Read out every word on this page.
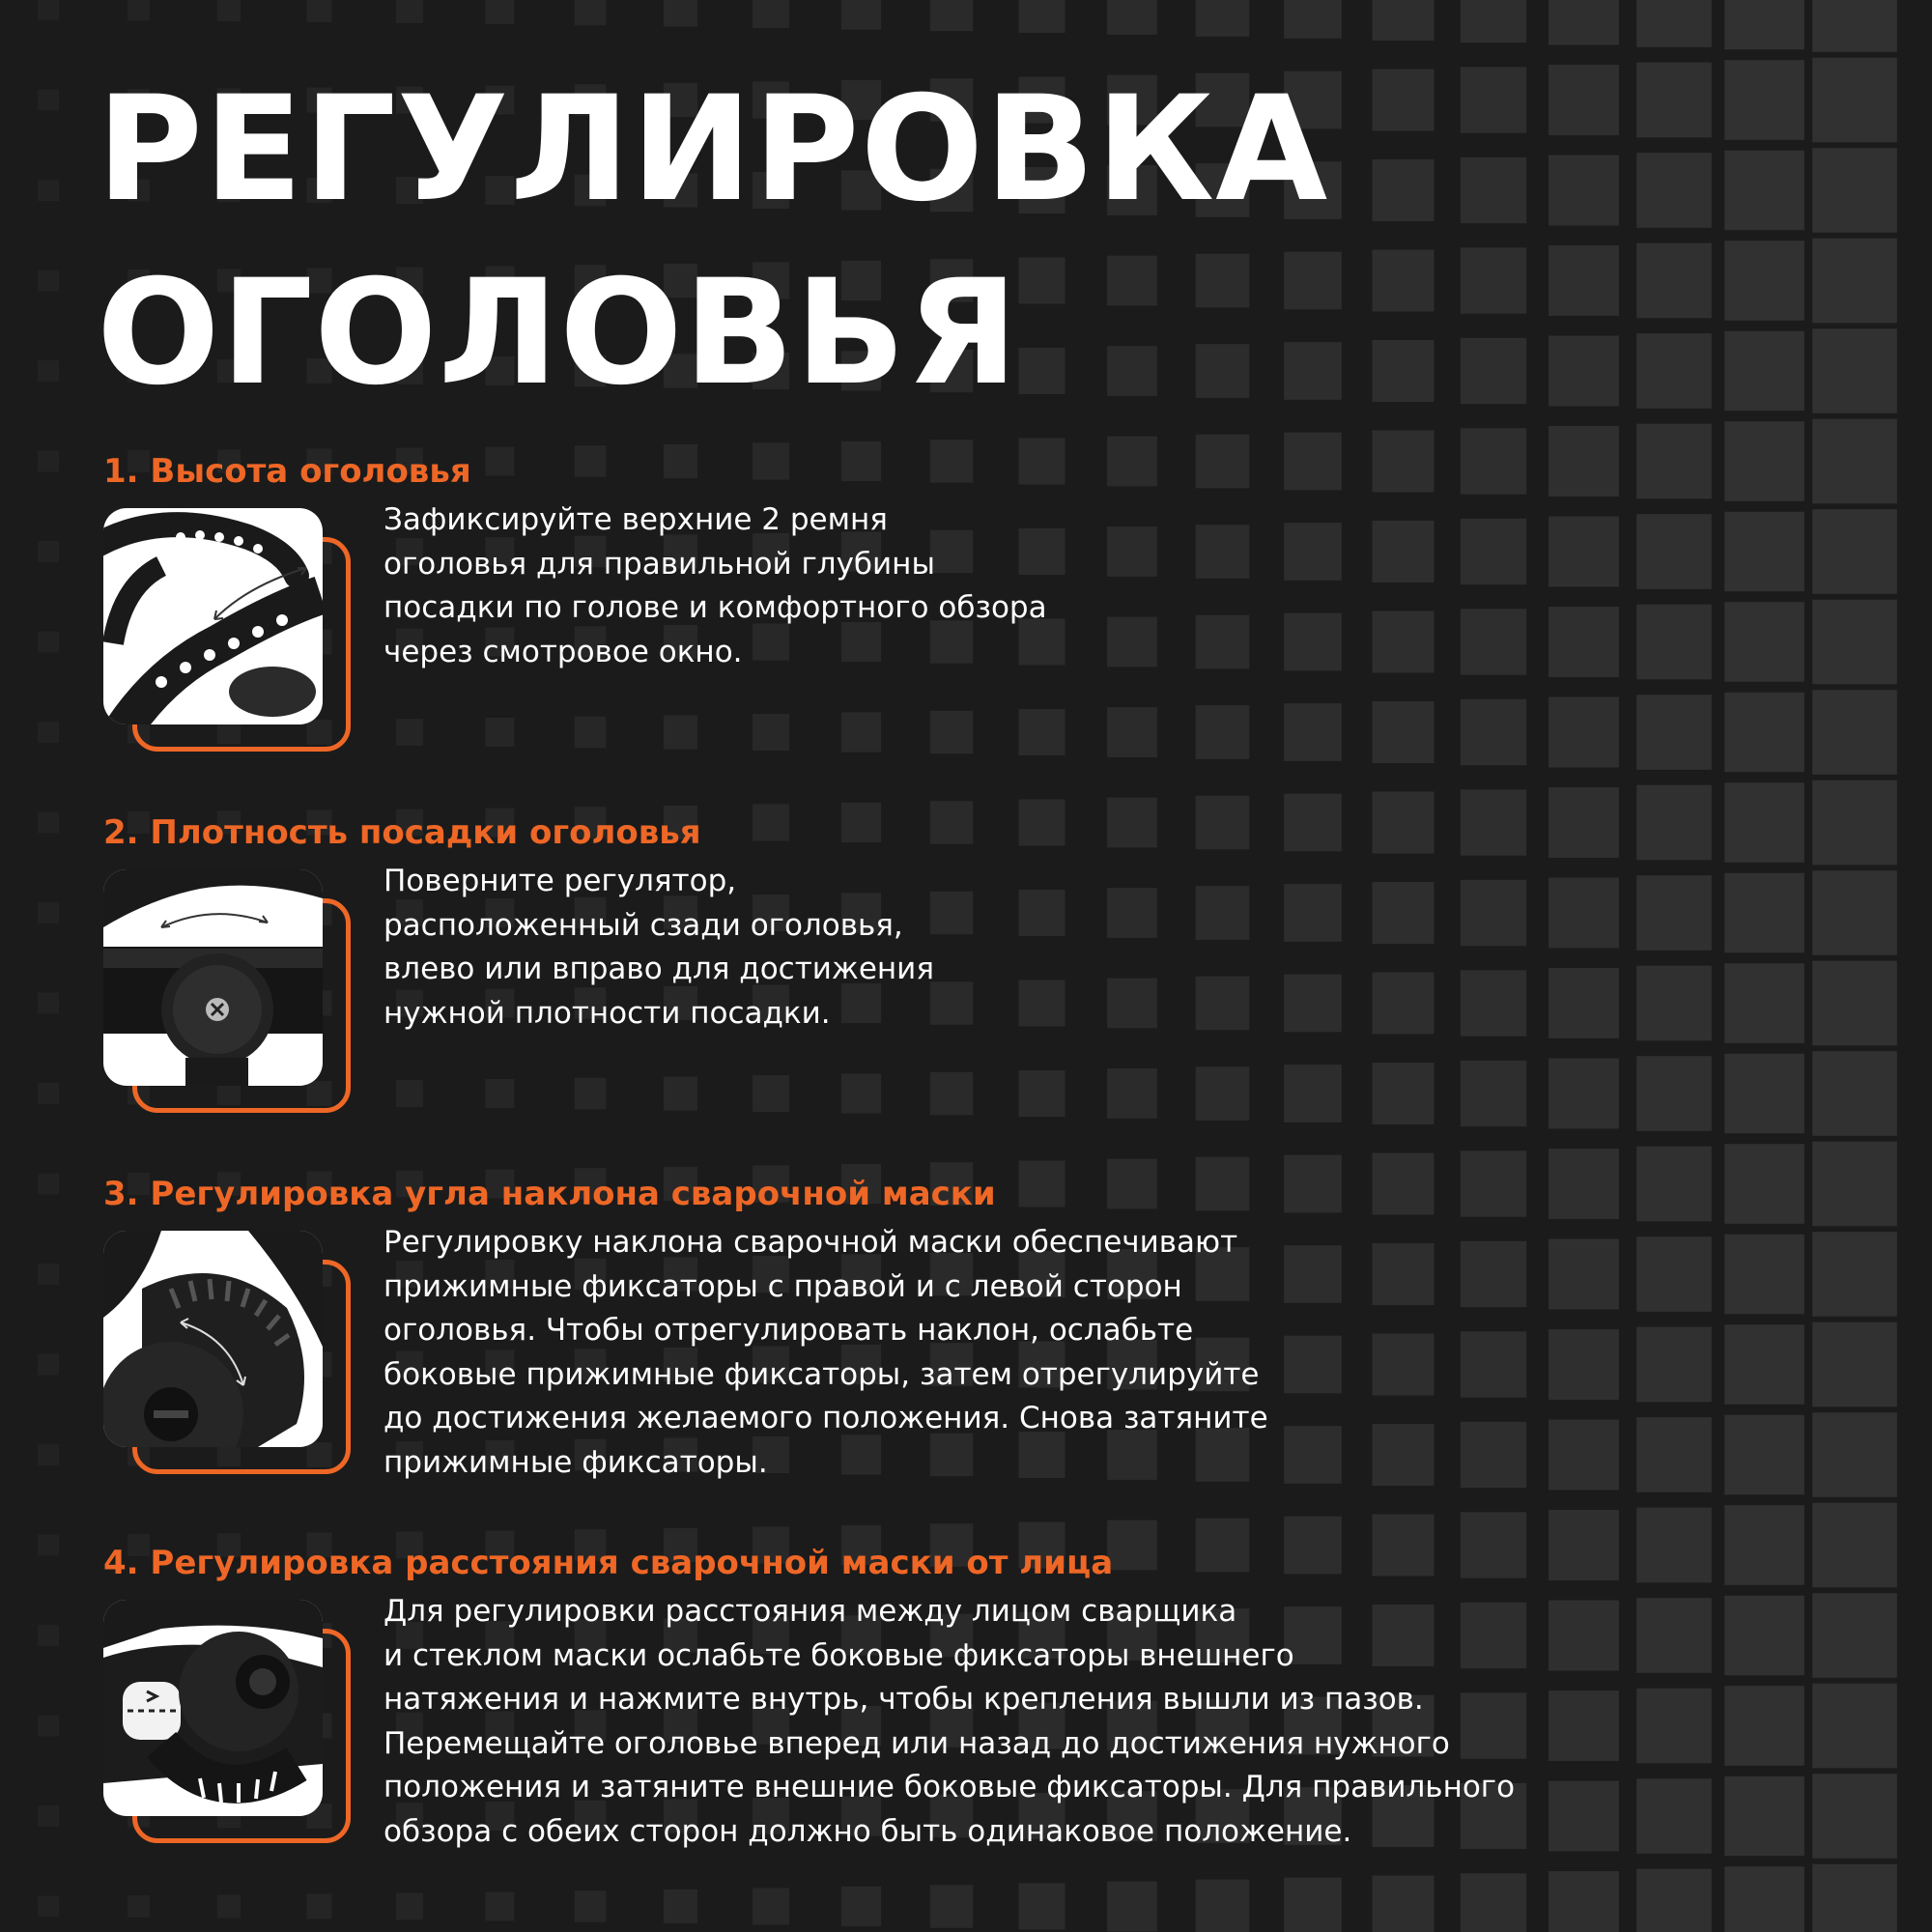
РЕГУЛИРОВКА
ОГОЛОВЬЯ
1. Высота оголовья

Зафиксируйте верхние 2 ремня
оголовья для правильной глубины
посадки по голове и комфортного обзора
через смотровое окно.

2. Плотность посадки оголовья

Поверните регулятор,
расположенный сзади оголовья,
влево или вправо для достижения
нужной плотности посадки.

3. Регулировка угла наклона сварочной маски

Регулировку наклона сварочной маски обеспечивают
прижимные фиксаторы с правой и с левой сторон
оголовья. Чтобы отрегулировать наклон, ослабьте
боковые прижимные фиксаторы, затем отрегулируйте
до достижения желаемого положения. Снова затяните
прижимные фиксаторы.

4. Регулировка расстояния сварочной маски от лица

Для регулировки расстояния между лицом сварщика
и стеклом маски ослабьте боковые фиксаторы внешнего
натяжения и нажмите внутрь, чтобы крепления вышли из пазов.
Перемещайте оголовье вперед или назад до достижения нужного
положения и затяните внешние боковые фиксаторы. Для правильного
обзора с обеих сторон должно быть одинаковое положение.
